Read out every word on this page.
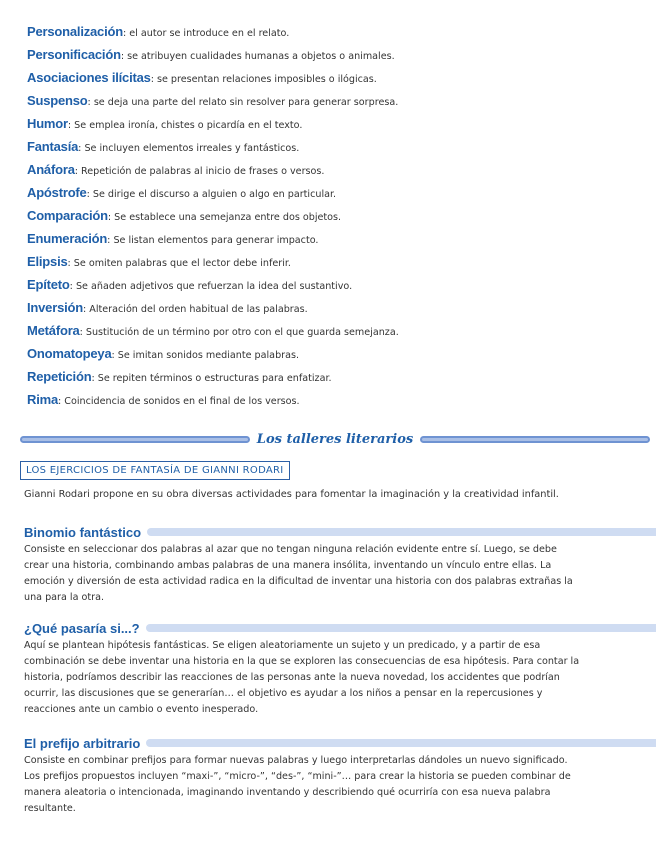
Personalización: el autor se introduce en el relato.
Personificación: se atribuyen cualidades humanas a objetos o animales.
Asociaciones ilícitas: se presentan relaciones imposibles o ilógicas.
Suspenso: se deja una parte del relato sin resolver para generar sorpresa.
Humor: Se emplea ironía, chistes o picardía en el texto.
Fantasía: Se incluyen elementos irreales y fantásticos.
Anáfora: Repetición de palabras al inicio de frases o versos.
Apóstrofe: Se dirige el discurso a alguien o algo en particular.
Comparación: Se establece una semejanza entre dos objetos.
Enumeración: Se listan elementos para generar impacto.
Elipsis: Se omiten palabras que el lector debe inferir.
Epíteto: Se añaden adjetivos que refuerzan la idea del sustantivo.
Inversión: Alteración del orden habitual de las palabras.
Metáfora: Sustitución de un término por otro con el que guarda semejanza.
Onomatopeya: Se imitan sonidos mediante palabras.
Repetición: Se repiten términos o estructuras para enfatizar.
Rima: Coincidencia de sonidos en el final de los versos.
Los talleres literarios
LOS EJERCICIOS DE FANTASÍA DE GIANNI RODARI
Gianni Rodari propone en su obra diversas actividades para fomentar la imaginación y la creatividad infantil.
Binomio fantástico
Consiste en seleccionar dos palabras al azar que no tengan ninguna relación evidente entre sí. Luego, se debe
crear una historia, combinando ambas palabras de una manera insólita, inventando un vínculo entre ellas. La
emoción y diversión de esta actividad radica en la dificultad de inventar una historia con dos palabras extrañas la
una para la otra.
¿Qué pasaría si...?
Aquí se plantean hipótesis fantásticas. Se eligen aleatoriamente un sujeto y un predicado, y a partir de esa
combinación se debe inventar una historia en la que se exploren las consecuencias de esa hipótesis. Para contar la
historia, podríamos describir las reacciones de las personas ante la nueva novedad, los accidentes que podrían
ocurrir, las discusiones que se generarían… el objetivo es ayudar a los niños a pensar en la repercusiones y
reacciones ante un cambio o evento inesperado.
El prefijo arbitrario
Consiste en combinar prefijos para formar nuevas palabras y luego interpretarlas dándoles un nuevo significado.
Los prefijos propuestos incluyen “maxi-”, “micro-”, “des-”, “mini-”… para crear la historia se pueden combinar de
manera aleatoria o intencionada, imaginando inventando y describiendo qué ocurriría con esa nueva palabra
resultante.
